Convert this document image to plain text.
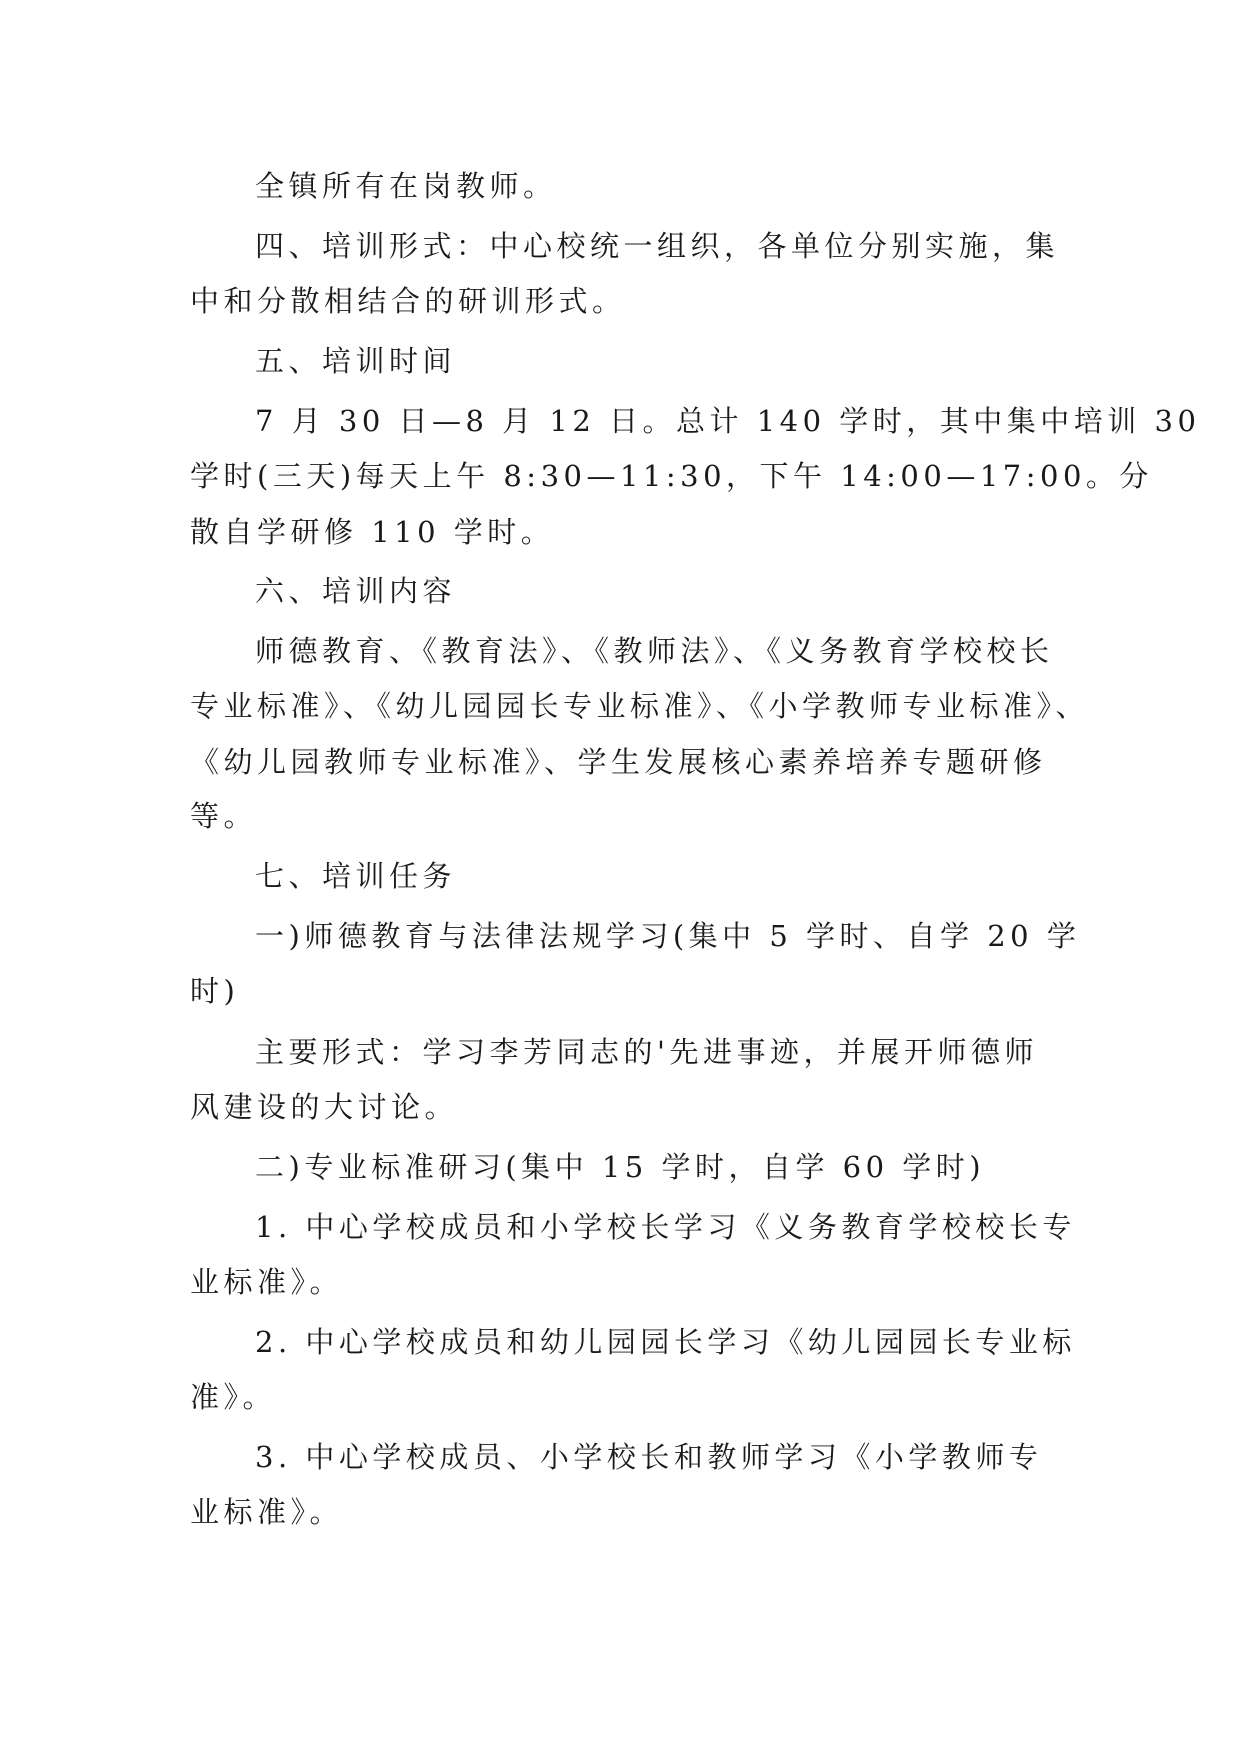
全镇所有在岗教师。
四、培训形式：中心校统一组织，各单位分别实施，集
中和分散相结合的研训形式。
五、培训时间
7 月 30 日—8 月 12 日。总计 140 学时，其中集中培训 30
学时(三天)每天上午 8:30—11:30，下午 14:00—17:00。分
散自学研修 110 学时。
六、培训内容
师德教育、《教育法》、《教师法》、《义务教育学校校长
专业标准》、《幼儿园园长专业标准》、《小学教师专业标准》、
《幼儿园教师专业标准》、学生发展核心素养培养专题研修
等。
七、培训任务
一)师德教育与法律法规学习(集中 5 学时、自学 20 学
时)
主要形式：学习李芳同志的'先进事迹，并展开师德师
风建设的大讨论。
二)专业标准研习(集中 15 学时，自学 60 学时)
1. 中心学校成员和小学校长学习《义务教育学校校长专
业标准》。
2. 中心学校成员和幼儿园园长学习《幼儿园园长专业标
准》。
3. 中心学校成员、小学校长和教师学习《小学教师专
业标准》。
